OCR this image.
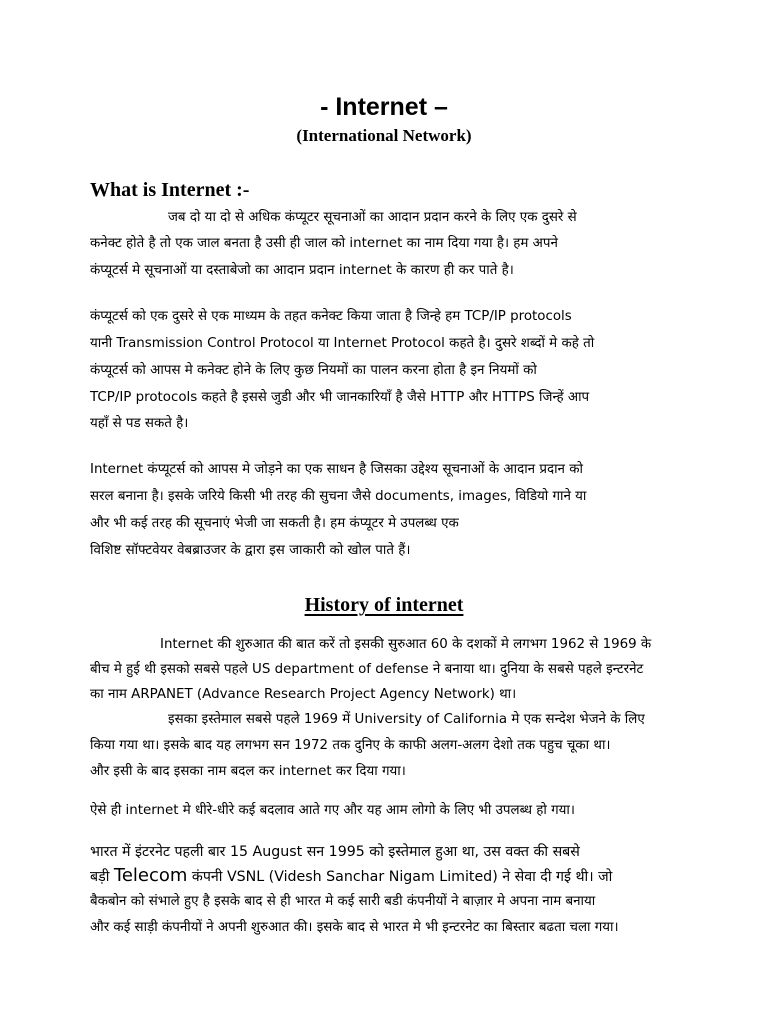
- Internet –
(International Network)
What is Internet :-
जब दो या दो से अधिक कंप्यूटर सूचनाओं का आदान प्रदान करने के लिए एक दुसरे से
कनेक्ट होते है तो एक जाल बनता है उसी ही जाल को internet का नाम दिया गया है। हम अपने
कंप्यूटर्स मे सूचनाओं या दस्ताबेजो का आदान प्रदान internet के कारण ही कर पाते है।
कंप्यूटर्स को एक दुसरे से एक माध्यम के तहत कनेक्ट किया जाता है जिन्हे हम TCP/IP protocols
यानी Transmission Control Protocol या Internet Protocol कहते है। दुसरे शब्दों मे कहे तो
कंप्यूटर्स को आपस मे कनेक्ट होने के लिए कुछ नियमों का पालन करना होता है इन नियमों को
TCP/IP protocols कहते है इससे जुडी और भी जानकारियाँ है जैसे HTTP और HTTPS जिन्हें आप
यहाँ से पड सकते है।
Internet कंप्यूटर्स को आपस मे जोड़ने का एक साधन है जिसका उद्देश्य सूचनाओं के आदान प्रदान को
सरल बनाना है। इसके जरिये किसी भी तरह की सुचना जैसे documents, images, विडियो गाने या
और भी कई तरह की सूचनाएं भेजी जा सकती है। हम कंप्यूटर मे उपलब्ध एक
विशिष्ट सॉफ्टवेयर वेबब्राउजर के द्वारा इस जाकारी को खोल पाते हैं।
History of internet
Internet की शुरुआत की बात करें तो इसकी सुरुआत 60 के दशकों मे लगभग 1962 से 1969 के
बीच मे हुई थी इसको सबसे पहले US department of defense ने बनाया था। दुनिया के सबसे पहले इन्टरनेट
का नाम ARPANET (Advance Research Project Agency Network) था।
इसका इस्तेमाल सबसे पहले 1969 में University of California मे एक सन्देश भेजने के लिए
किया गया था। इसके बाद यह लगभग सन 1972 तक दुनिए के काफी अलग-अलग देशो तक पहुच चूका था।
और इसी के बाद इसका नाम बदल कर internet कर दिया गया।
ऐसे ही internet मे धीरे-धीरे कई बदलाव आते गए और यह आम लोगो के लिए भी उपलब्ध हो गया।
भारत में इंटरनेट पहली बार 15 August सन 1995 को इस्तेमाल हुआ था, उस वक्त की सबसे
बड़ी Telecom कंपनी VSNL (Videsh Sanchar Nigam Limited) ने सेवा दी गई थी। जो
बैकबोन को संभाले हुए है इसके बाद से ही भारत मे कई सारी बडी कंपनीयों ने बाज़ार मे अपना नाम बनाया
और कई साड़ी कंपनीयों ने अपनी शुरुआत की। इसके बाद से भारत मे भी इन्टरनेट का बिस्तार बढता चला गया।
